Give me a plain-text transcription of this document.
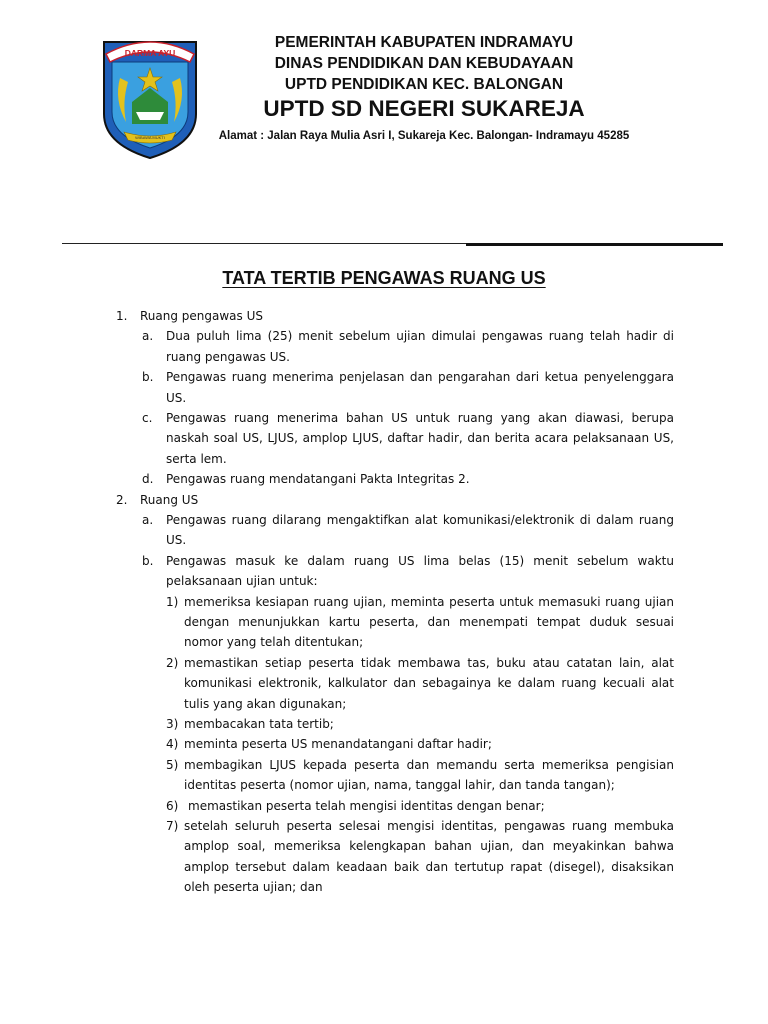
DARMA AYU
WIBAWA MUKTI
PEMERINTAH KABUPATEN INDRAMAYU
DINAS PENDIDIKAN DAN KEBUDAYAAN
UPTD PENDIDIKAN KEC. BALONGAN
UPTD SD NEGERI SUKAREJA
Alamat : Jalan Raya Mulia Asri I, Sukareja Kec. Balongan- Indramayu 45285
TATA TERTIB PENGAWAS RUANG US
1. Ruang pengawas US
a. Dua puluh lima (25) menit sebelum ujian dimulai pengawas ruang telah hadir di ruang pengawas US.
b. Pengawas ruang menerima penjelasan dan pengarahan dari ketua penyelenggara US.
c. Pengawas ruang menerima bahan US untuk ruang yang akan diawasi, berupa naskah soal US, LJUS, amplop LJUS, daftar hadir, dan berita acara pelaksanaan US, serta lem.
d. Pengawas ruang mendatangani Pakta Integritas 2.
2. Ruang US
a. Pengawas ruang dilarang mengaktifkan alat komunikasi/elektronik di dalam ruang US.
b. Pengawas masuk ke dalam ruang US lima belas (15) menit sebelum waktu pelaksanaan ujian untuk:
1) memeriksa kesiapan ruang ujian, meminta peserta untuk memasuki ruang ujian dengan menunjukkan kartu peserta, dan menempati tempat duduk sesuai nomor yang telah ditentukan;
2) memastikan setiap peserta tidak membawa tas, buku atau catatan lain, alat komunikasi elektronik, kalkulator dan sebagainya ke dalam ruang kecuali alat tulis yang akan digunakan;
3) membacakan tata tertib;
4) meminta peserta US menandatangani daftar hadir;
5) membagikan LJUS kepada peserta dan memandu serta memeriksa pengisian identitas peserta (nomor ujian, nama, tanggal lahir, dan tanda tangan);
6) memastikan peserta telah mengisi identitas dengan benar;
7) setelah seluruh peserta selesai mengisi identitas, pengawas ruang membuka amplop soal, memeriksa kelengkapan bahan ujian, dan meyakinkan bahwa amplop tersebut dalam keadaan baik dan tertutup rapat (disegel), disaksikan oleh peserta ujian; dan
